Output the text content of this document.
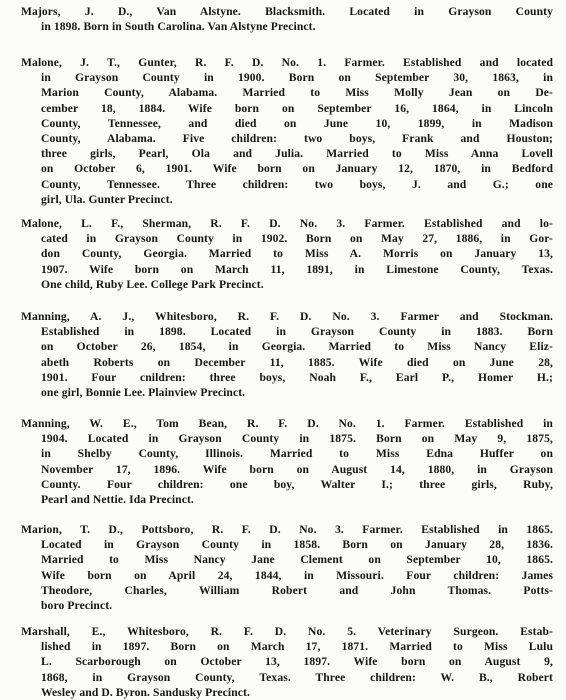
Majors, J. D., Van Alstyne. Blacksmith. Located in Grayson County
in 1898. Born in South Carolina. Van Alstyne Precinct.
Malone, J. T., Gunter, R. F. D. No. 1. Farmer. Established and located
in Grayson County in 1900. Born on September 30, 1863, in
Marion County, Alabama. Married to Miss Molly Jean on De-
cember 18, 1884. Wife born on September 16, 1864, in Lincoln
County, Tennessee, and died on June 10, 1899, in Madison
County, Alabama. Five children: two boys, Frank and Houston;
three girls, Pearl, Ola and Julia. Married to Miss Anna Lovell
on October 6, 1901. Wife born on January 12, 1870, in Bedford
County, Tennessee. Three children: two boys, J. and G.; one
girl, Ula. Gunter Precinct.
Malone, L. F., Sherman, R. F. D. No. 3. Farmer. Established and lo-
cated in Grayson County in 1902. Born on May 27, 1886, in Gor-
don County, Georgia. Married to Miss A. Morris on January 13,
1907. Wife born on March 11, 1891, in Limestone County, Texas.
One child, Ruby Lee. College Park Precinct.
Manning, A. J., Whitesboro, R. F. D. No. 3. Farmer and Stockman.
Established in 1898. Located in Grayson County in 1883. Born
on October 26, 1854, in Georgia. Married to Miss Nancy Eliz-
abeth Roberts on December 11, 1885. Wife died on June 28,
1901. Four cnildren: three boys, Noah F., Earl P., Homer H.;
one girl, Bonnie Lee. Plainview Precinct.
Manning, W. E., Tom Bean, R. F. D. No. 1. Farmer. Established in
1904. Located in Grayson County in 1875. Born on May 9, 1875,
in Shelby County, Illinois. Married to Miss Edna Huffer on
November 17, 1896. Wife born on August 14, 1880, in Grayson
County. Four children: one boy, Walter I.; three girls, Ruby,
Pearl and Nettie. Ida Precinct.
Marion, T. D., Pottsboro, R. F. D. No. 3. Farmer. Established in 1865.
Located in Grayson County in 1858. Born on January 28, 1836.
Married to Miss Nancy Jane Clement on September 10, 1865.
Wife born on April 24, 1844, in Missouri. Four children: James
Theodore, Charles, William Robert and John Thomas. Potts-
boro Precinct.
Marshall, E., Whitesboro, R. F. D. No. 5. Veterinary Surgeon. Estab-
lished in 1897. Born on March 17, 1871. Married to Miss Lulu
L. Scarborough on October 13, 1897. Wife born on August 9,
1868, in Grayson County, Texas. Three children: W. B., Robert
Wesley and D. Byron. Sandusky Precinct.
